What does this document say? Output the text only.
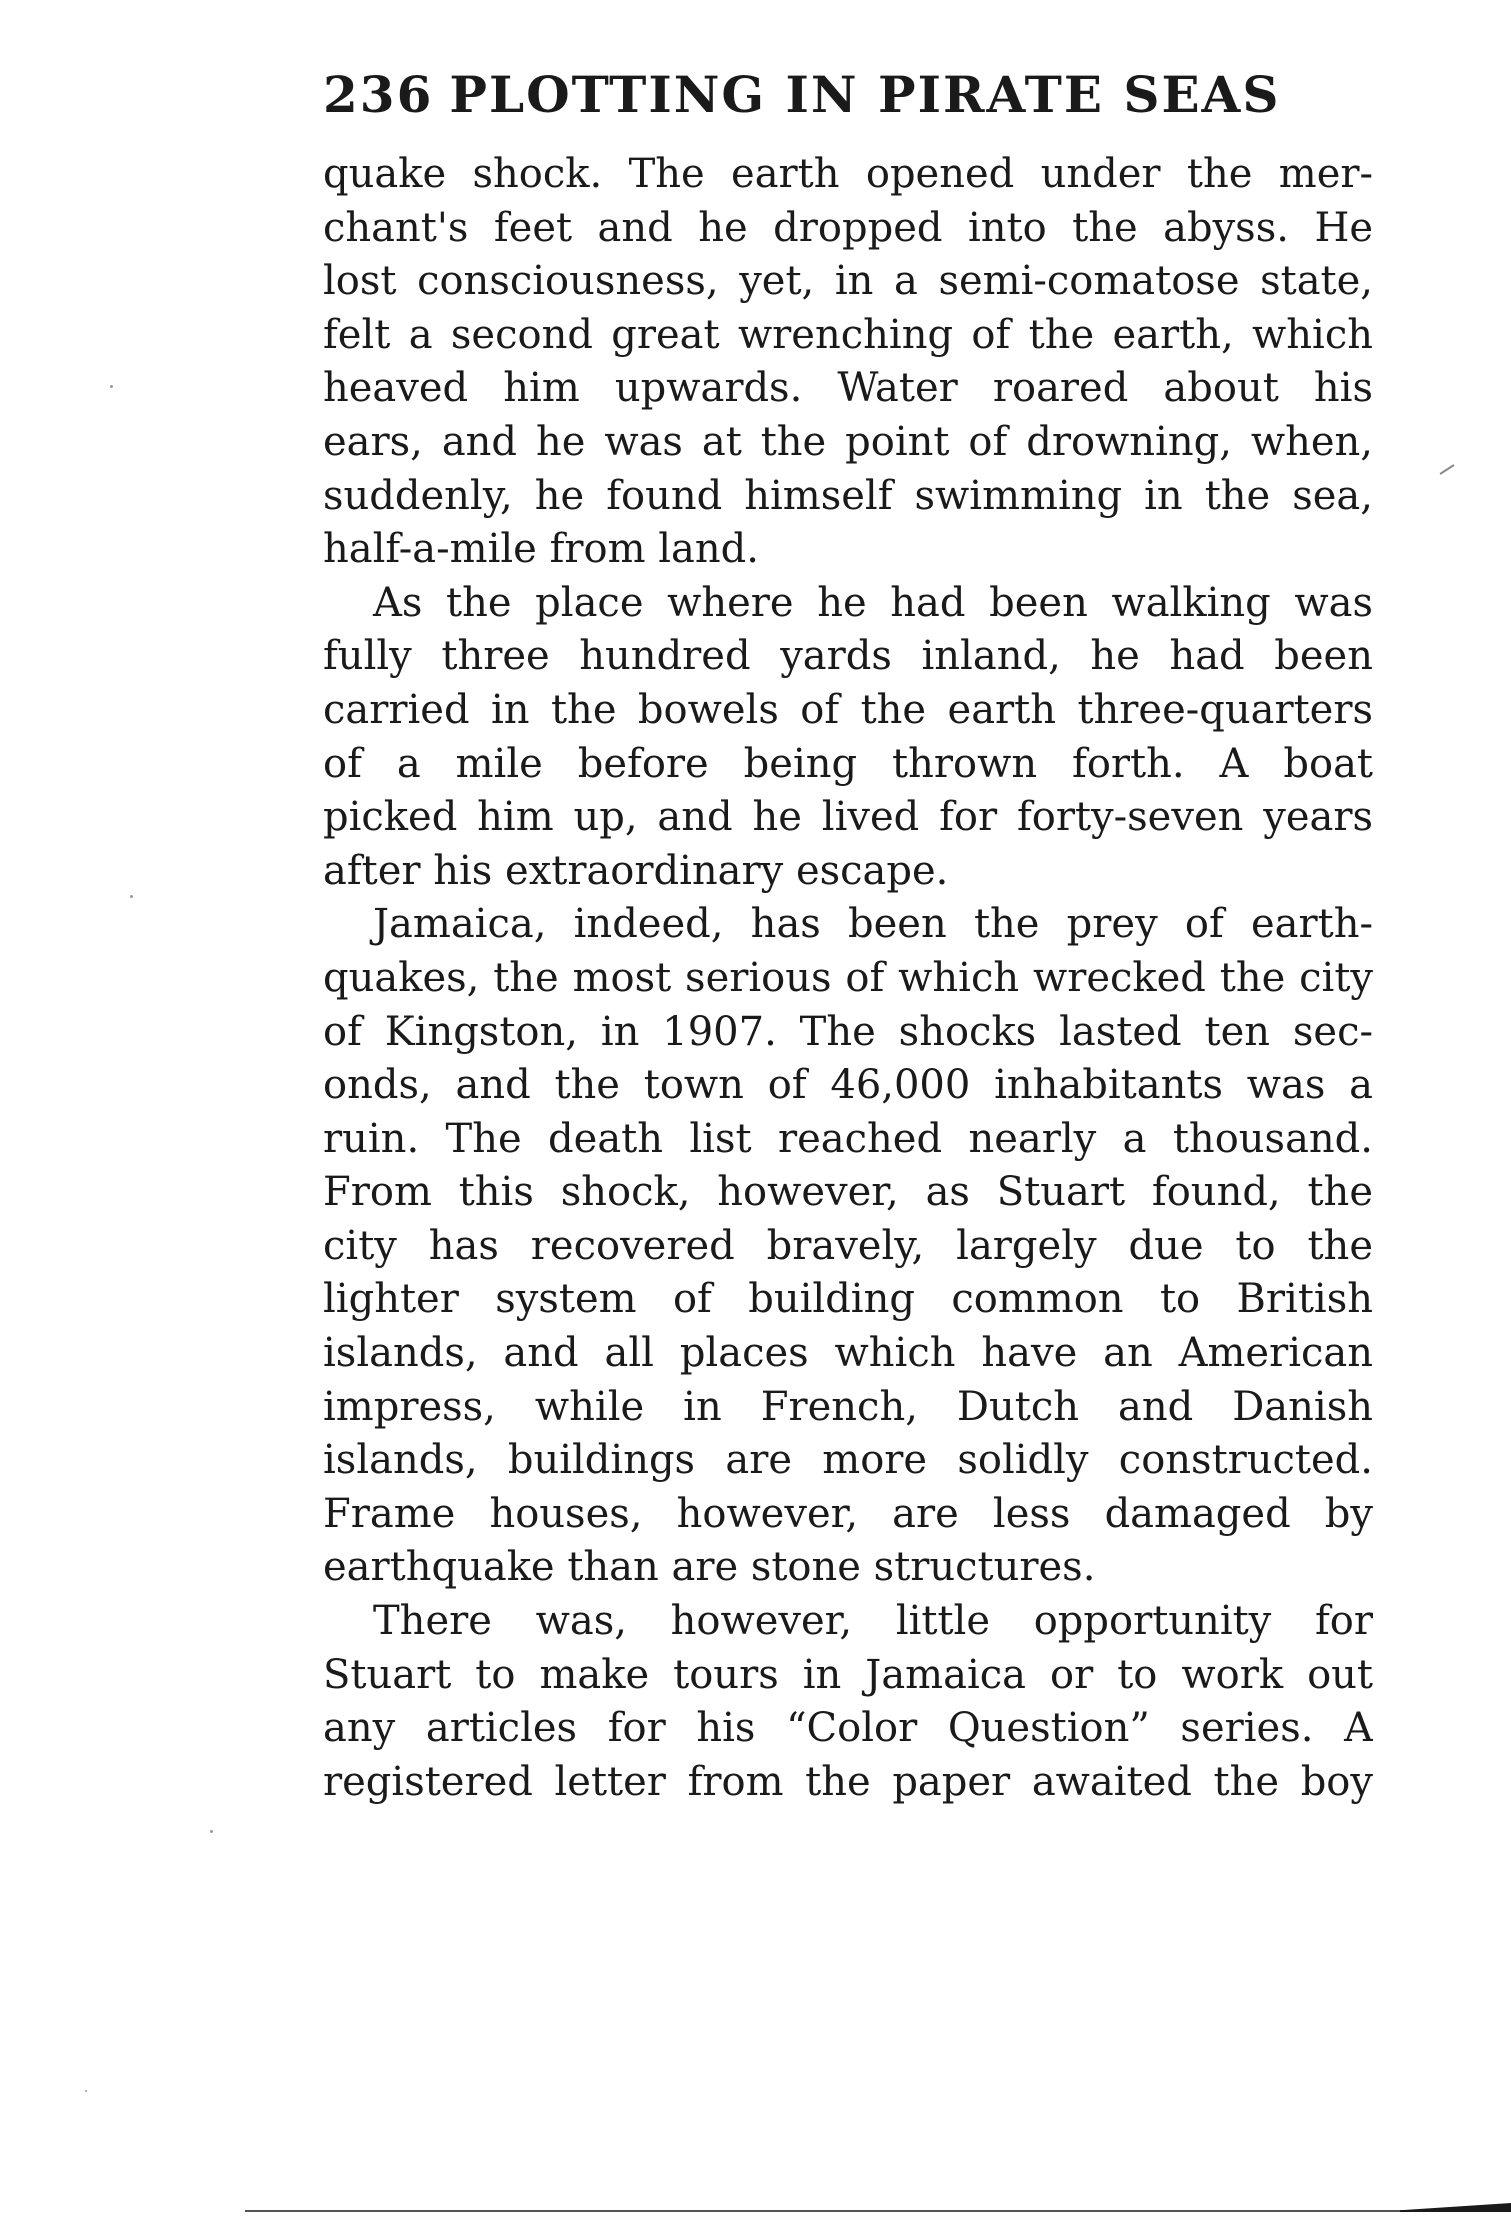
236 PLOTTING IN PIRATE SEAS
quake shock. The earth opened under the mer-
chant's feet and he dropped into the abyss. He
lost consciousness, yet, in a semi-comatose state,
felt a second great wrenching of the earth, which
heaved him upwards. Water roared about his
ears, and he was at the point of drowning, when,
suddenly, he found himself swimming in the sea,
half-a-mile from land.
As the place where he had been walking was
fully three hundred yards inland, he had been
carried in the bowels of the earth three-quarters
of a mile before being thrown forth. A boat
picked him up, and he lived for forty-seven years
after his extraordinary escape.
Jamaica, indeed, has been the prey of earth-
quakes, the most serious of which wrecked the city
of Kingston, in 1907. The shocks lasted ten sec-
onds, and the town of 46,000 inhabitants was a
ruin. The death list reached nearly a thousand.
From this shock, however, as Stuart found, the
city has recovered bravely, largely due to the
lighter system of building common to British
islands, and all places which have an American
impress, while in French, Dutch and Danish
islands, buildings are more solidly constructed.
Frame houses, however, are less damaged by
earthquake than are stone structures.
There was, however, little opportunity for
Stuart to make tours in Jamaica or to work out
any articles for his “Color Question” series. A
registered letter from the paper awaited the boy
